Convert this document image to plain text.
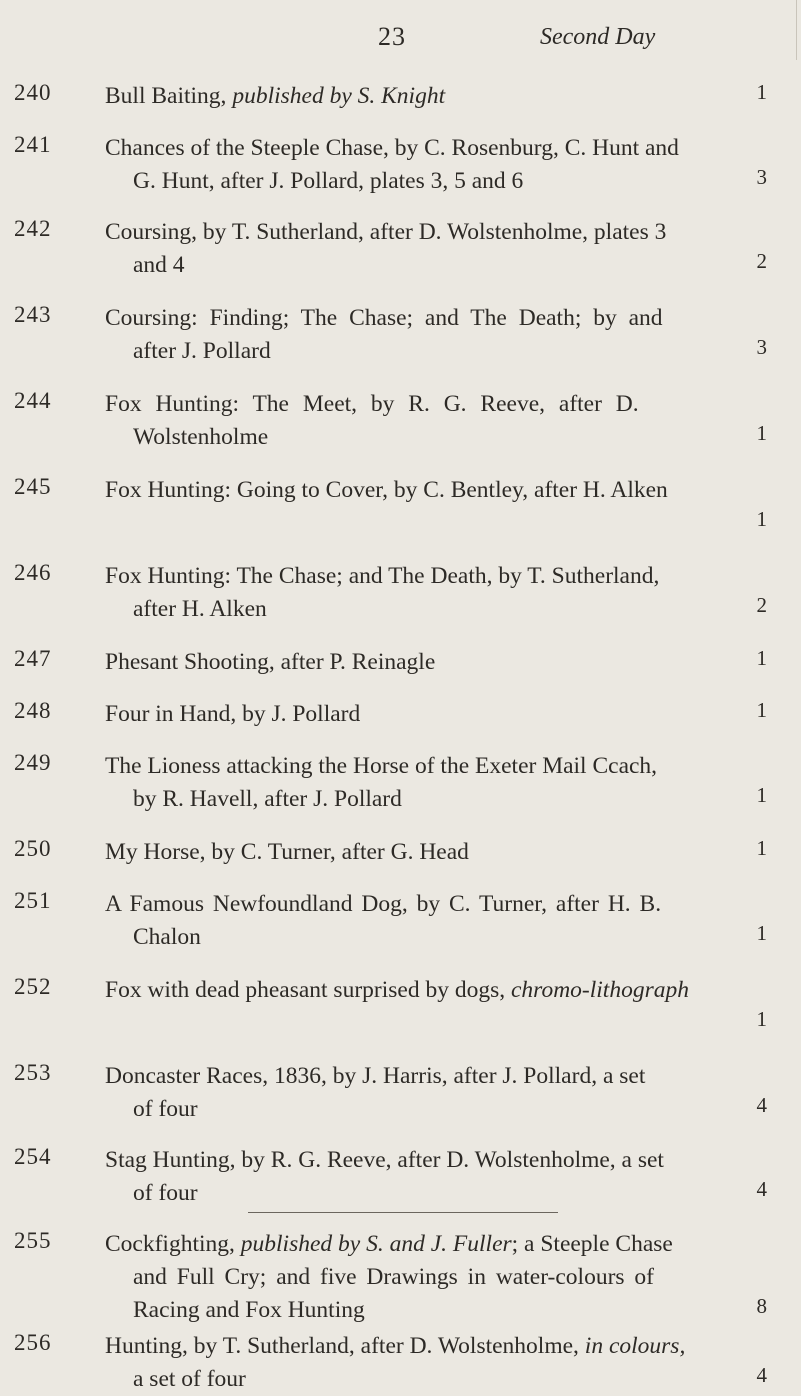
23	Second Day
240	Bull Baiting, published by S. Knight	1
241	Chances of the Steeple Chase, by C. Rosenburg, C. Hunt and
G. Hunt, after J. Pollard, plates 3, 5 and 6	3
242	Coursing, by T. Sutherland, after D. Wolstenholme, plates 3
and 4	2
243	Coursing: Finding; The Chase; and The Death; by and
after J. Pollard	3
244	Fox Hunting: The Meet, by R. G. Reeve, after D.
Wolstenholme	1
245	Fox Hunting: Going to Cover, by C. Bentley, after H. Alken
1
246	Fox Hunting: The Chase; and The Death, by T. Sutherland,
after H. Alken	2
247	Phesant Shooting, after P. Reinagle	1
248	Four in Hand, by J. Pollard	1
249	The Lioness attacking the Horse of the Exeter Mail Ccach,
by R. Havell, after J. Pollard	1
250	My Horse, by C. Turner, after G. Head	1
251	A Famous Newfoundland Dog, by C. Turner, after H. B.
Chalon	1
252	Fox with dead pheasant surprised by dogs, chromo-lithograph
1
253	Doncaster Races, 1836, by J. Harris, after J. Pollard, a set
of four	4
254	Stag Hunting, by R. G. Reeve, after D. Wolstenholme, a set
of four	4
255	Cockfighting, published by S. and J. Fuller; a Steeple Chase
and Full Cry; and five Drawings in water-colours of
Racing and Fox Hunting	8
256	Hunting, by T. Sutherland, after D. Wolstenholme, in colours,
a set of four	4
